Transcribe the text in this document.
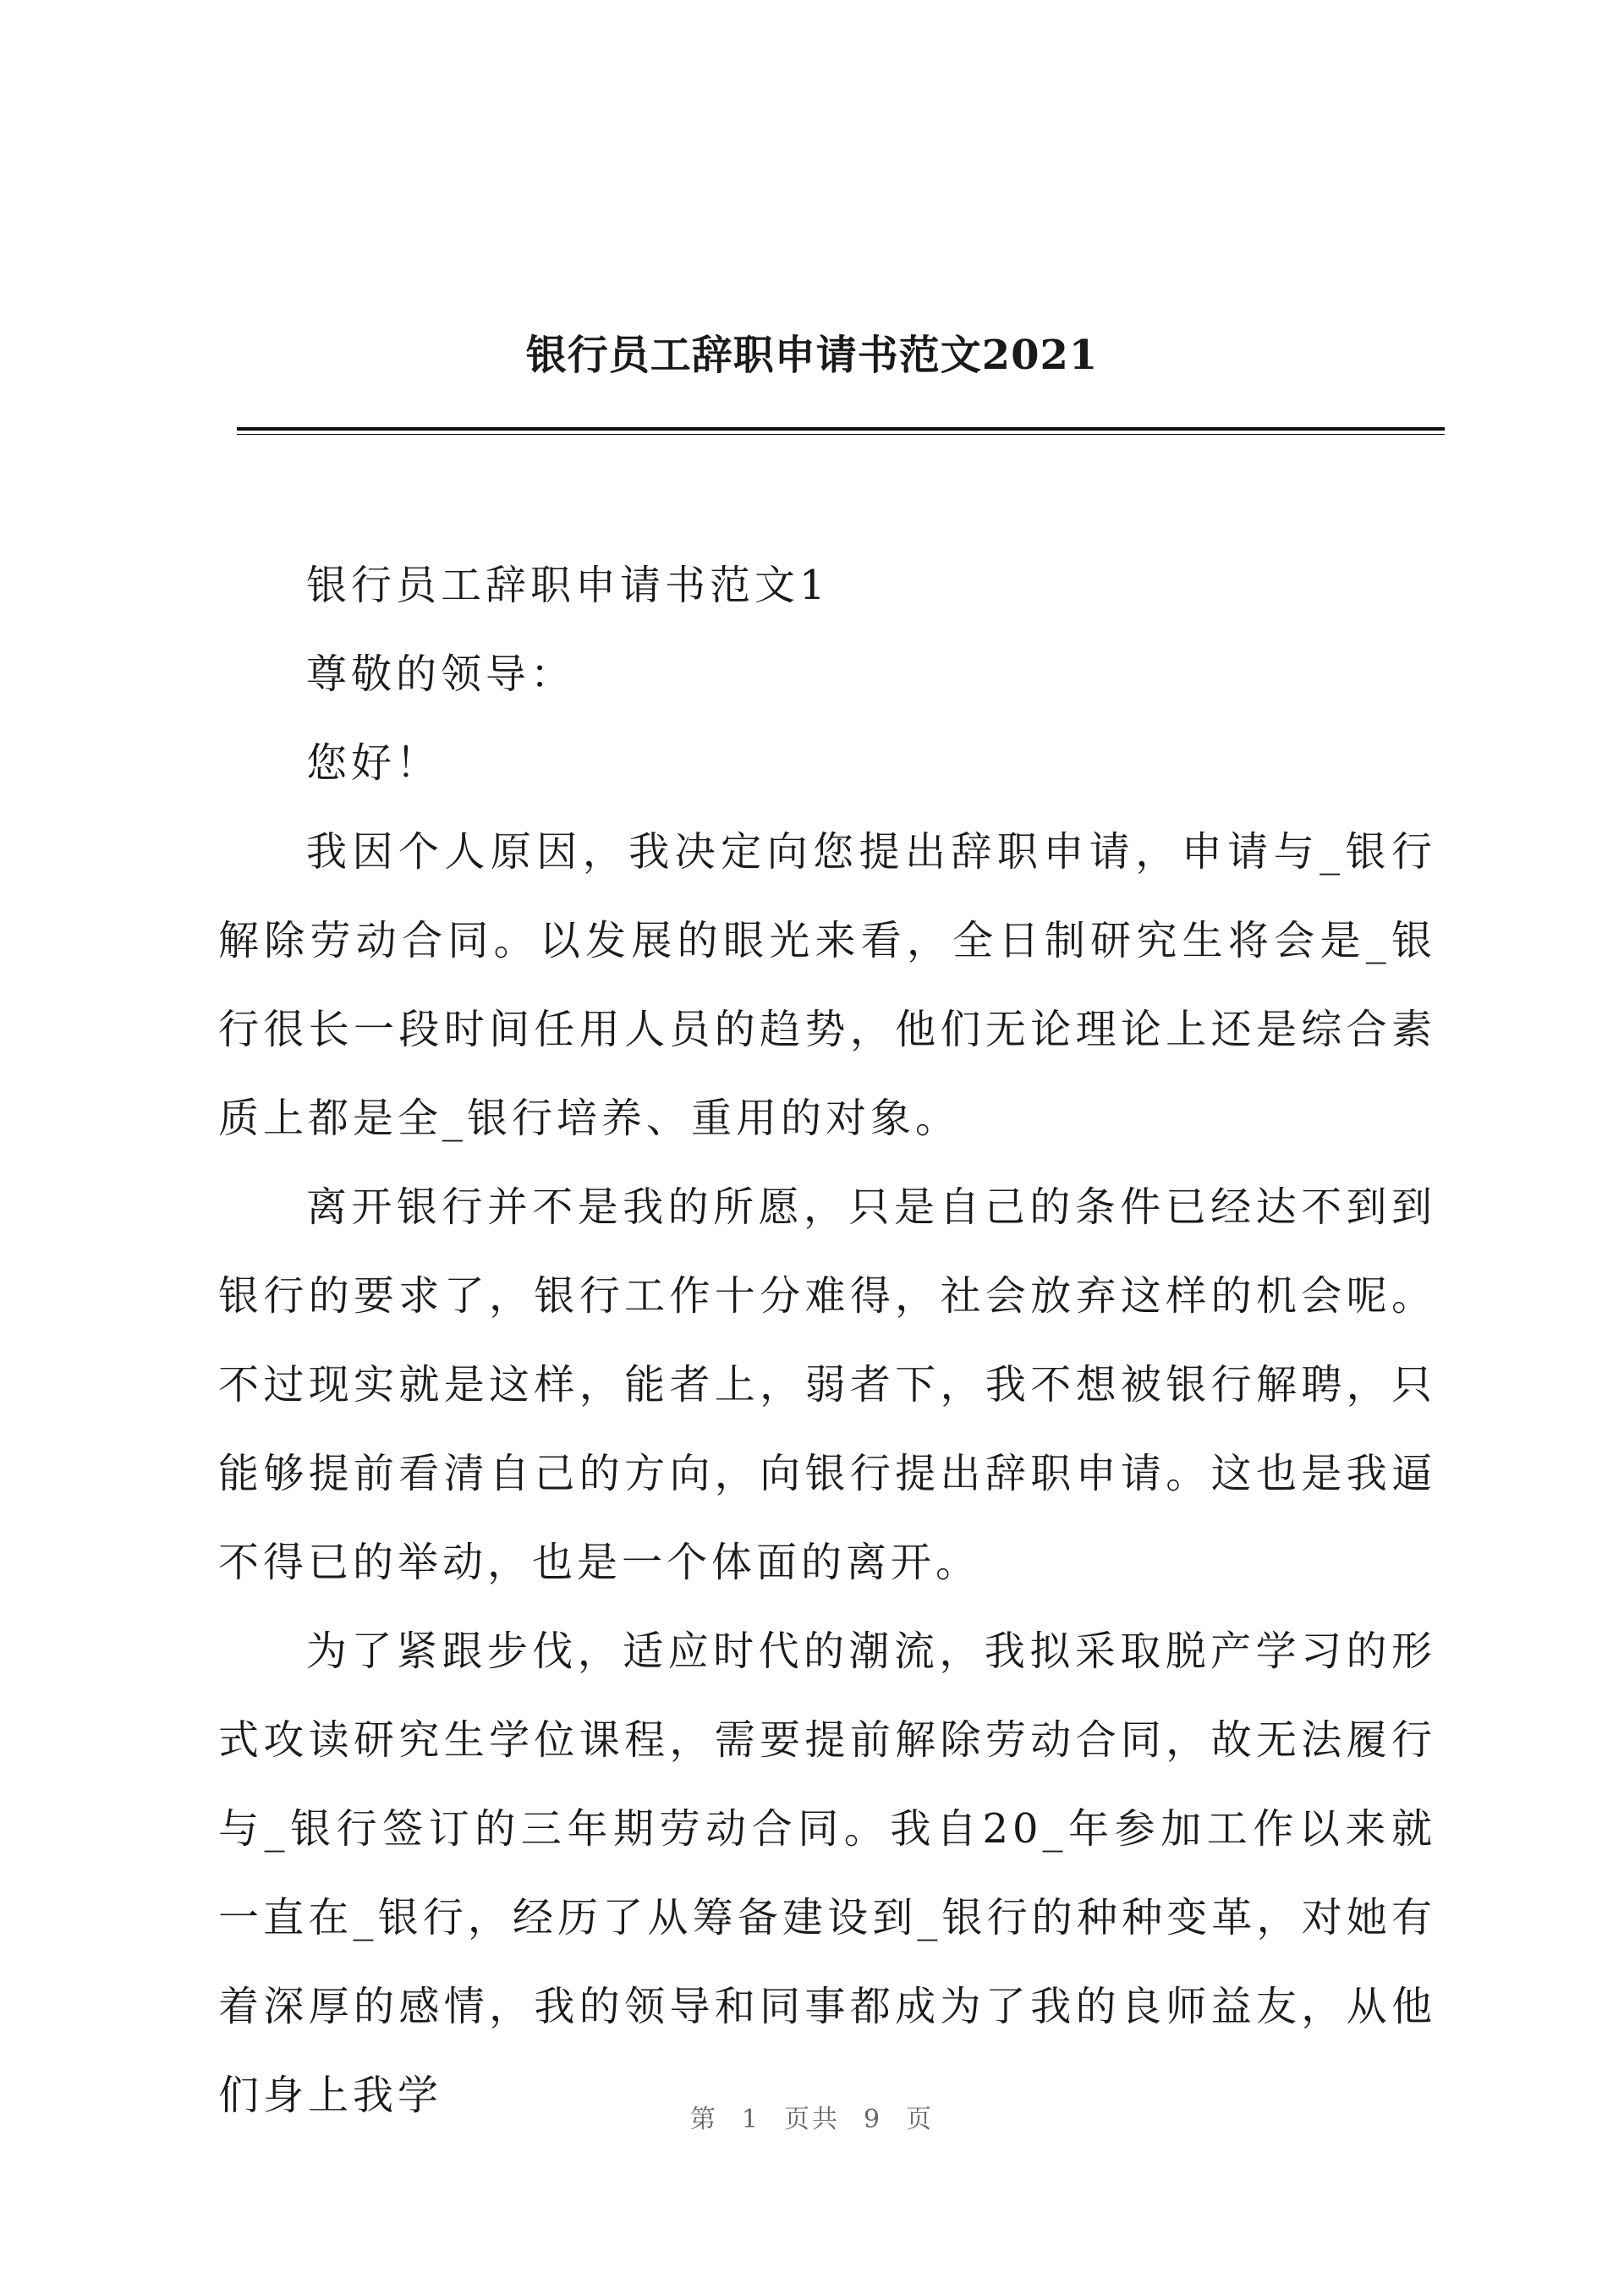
银行员工辞职申请书范文2021

银行员工辞职申请书范文1

尊敬的领导：

您好！

我因个人原因，我决定向您提出辞职申请，申请与_银行解除劳动合同。以发展的眼光来看，全日制研究生将会是_银行很长一段时间任用人员的趋势，他们无论理论上还是综合素质上都是全_银行培养、重用的对象。

离开银行并不是我的所愿，只是自己的条件已经达不到到银行的要求了，银行工作十分难得，社会放弃这样的机会呢。不过现实就是这样，能者上，弱者下，我不想被银行解聘，只能够提前看清自己的方向，向银行提出辞职申请。这也是我逼不得已的举动，也是一个体面的离开。

为了紧跟步伐，适应时代的潮流，我拟采取脱产学习的形式攻读研究生学位课程，需要提前解除劳动合同，故无法履行与_银行签订的三年期劳动合同。我自20_年参加工作以来就一直在_银行，经历了从筹备建设到_银行的种种变革，对她有着深厚的感情，我的领导和同事都成为了我的良师益友，从他们身上我学

第 1 页共 9 页
